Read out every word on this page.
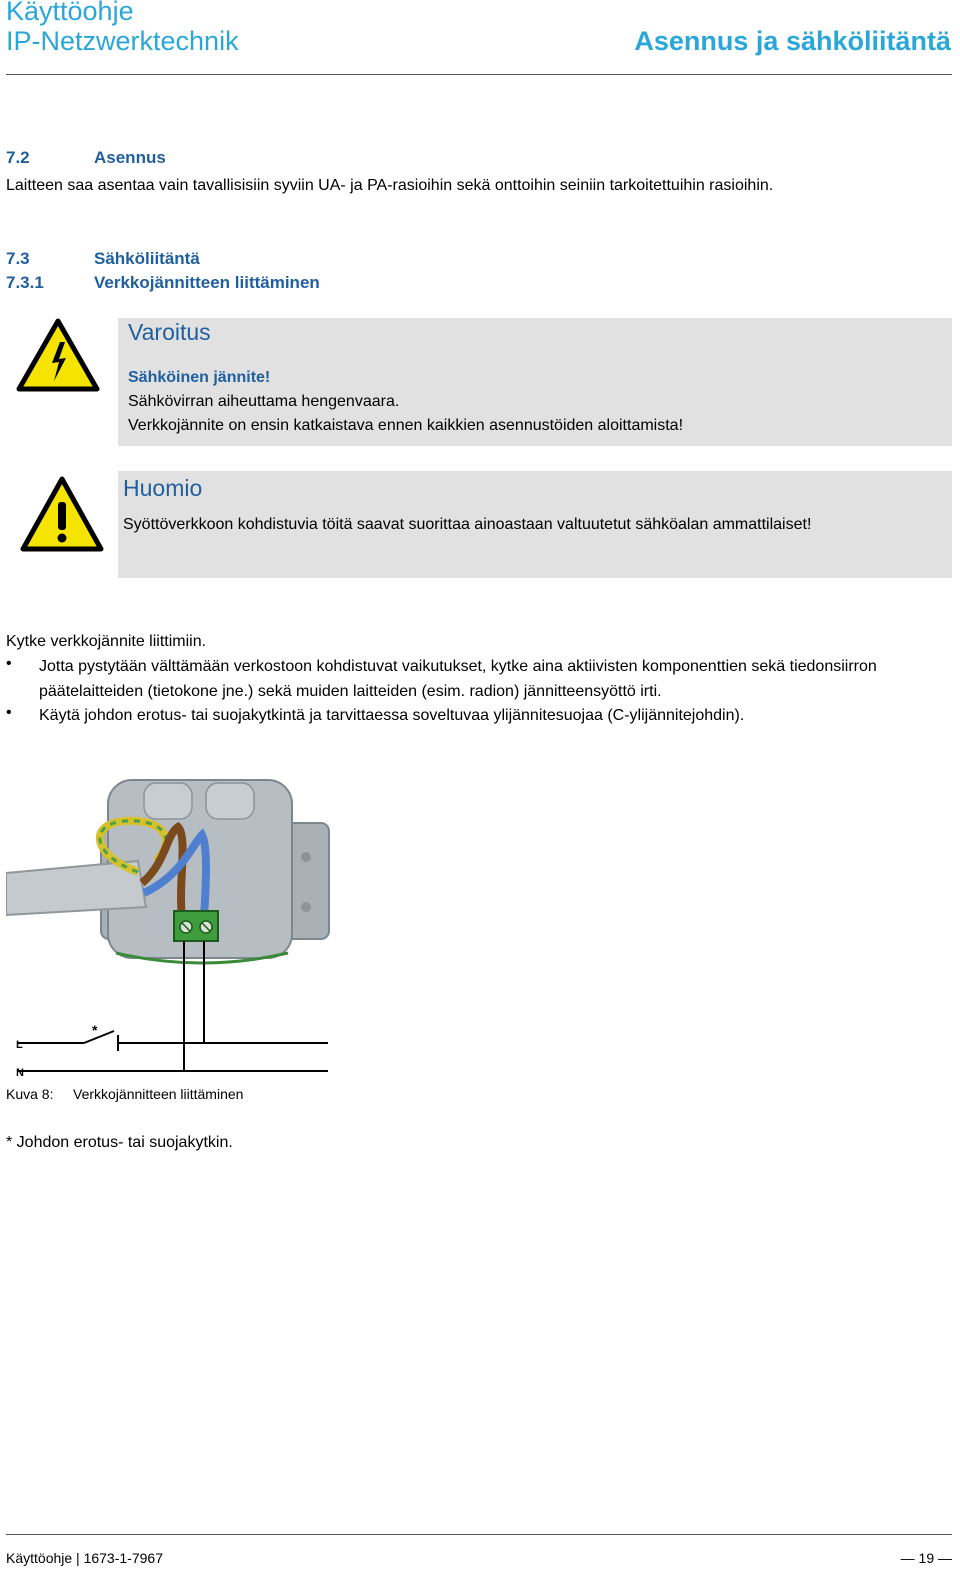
Käyttöohje
IP-Netzwerktechnik	Asennus ja sähköliitäntä
7.2	Asennus
Laitteen saa asentaa vain tavallisisiin syviin UA- ja PA-rasioihin sekä onttoihin seiniin tarkoitettuihin rasioihin.
7.3	Sähköliitäntä
7.3.1	Verkkojännitteen liittäminen
Varoitus
Sähköinen jännite!
Sähkövirran aiheuttama hengenvaara.
Verkkojännite on ensin katkaistava ennen kaikkien asennustöiden aloittamista!
Huomio
Syöttöverkkoon kohdistuvia töitä saavat suorittaa ainoastaan valtuutetut sähköalan ammattilaiset!
Kytke verkkojännite liittimiin.
• Jotta pystytään välttämään verkostoon kohdistuvat vaikutukset, kytke aina aktiivisten komponenttien sekä tiedonsiirron päätelaitteiden (tietokone jne.) sekä muiden laitteiden (esim. radion) jännitteensyöttö irti.
• Käytä johdon erotus- tai suojakytkintä ja tarvittaessa soveltuvaa ylijännitesuojaa (C-ylijännitejohdin).
L
N
*
Kuva 8: Verkkojännitteen liittäminen
* Johdon erotus- tai suojakytkin.
Käyttöohje | 1673-1-7967	— 19 —
